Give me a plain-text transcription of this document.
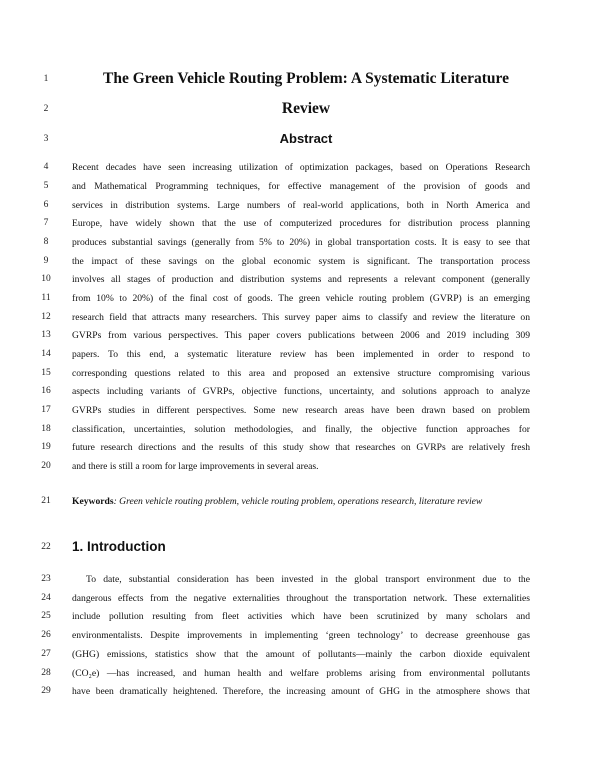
1
2
3
4
5
6
7
8
9
10
11
12
13
14
15
16
17
18
19
20
21
22
23
24
25
26
27
28
29
The Green Vehicle Routing Problem: A Systematic Literature
Review
Abstract
Recent decades have seen increasing utilization of optimization packages, based on Operations Research
and Mathematical Programming techniques, for effective management of the provision of goods and
services in distribution systems. Large numbers of real-world applications, both in North America and
Europe, have widely shown that the use of computerized procedures for distribution process planning
produces substantial savings (generally from 5% to 20%) in global transportation costs. It is easy to see that
the impact of these savings on the global economic system is significant. The transportation process
involves all stages of production and distribution systems and represents a relevant component (generally
from 10% to 20%) of the final cost of goods. The green vehicle routing problem (GVRP) is an emerging
research field that attracts many researchers. This survey paper aims to classify and review the literature on
GVRPs from various perspectives. This paper covers publications between 2006 and 2019 including 309
papers. To this end, a systematic literature review has been implemented in order to respond to
corresponding questions related to this area and proposed an extensive structure compromising various
aspects including variants of GVRPs, objective functions, uncertainty, and solutions approach to analyze
GVRPs studies in different perspectives. Some new research areas have been drawn based on problem
classification, uncertainties, solution methodologies, and finally, the objective function approaches for
future research directions and the results of this study show that researches on GVRPs are relatively fresh
and there is still a room for large improvements in several areas.
Keywords: Green vehicle routing problem, vehicle routing problem, operations research, literature review
1. Introduction
To date, substantial consideration has been invested in the global transport environment due to the
dangerous effects from the negative externalities throughout the transportation network. These externalities
include pollution resulting from fleet activities which have been scrutinized by many scholars and
environmentalists. Despite improvements in implementing ‘green technology’ to decrease greenhouse gas
(GHG) emissions, statistics show that the amount of pollutants—mainly the carbon dioxide equivalent
(CO₂e) —has increased, and human health and welfare problems arising from environmental pollutants
have been dramatically heightened. Therefore, the increasing amount of GHG in the atmosphere shows that
